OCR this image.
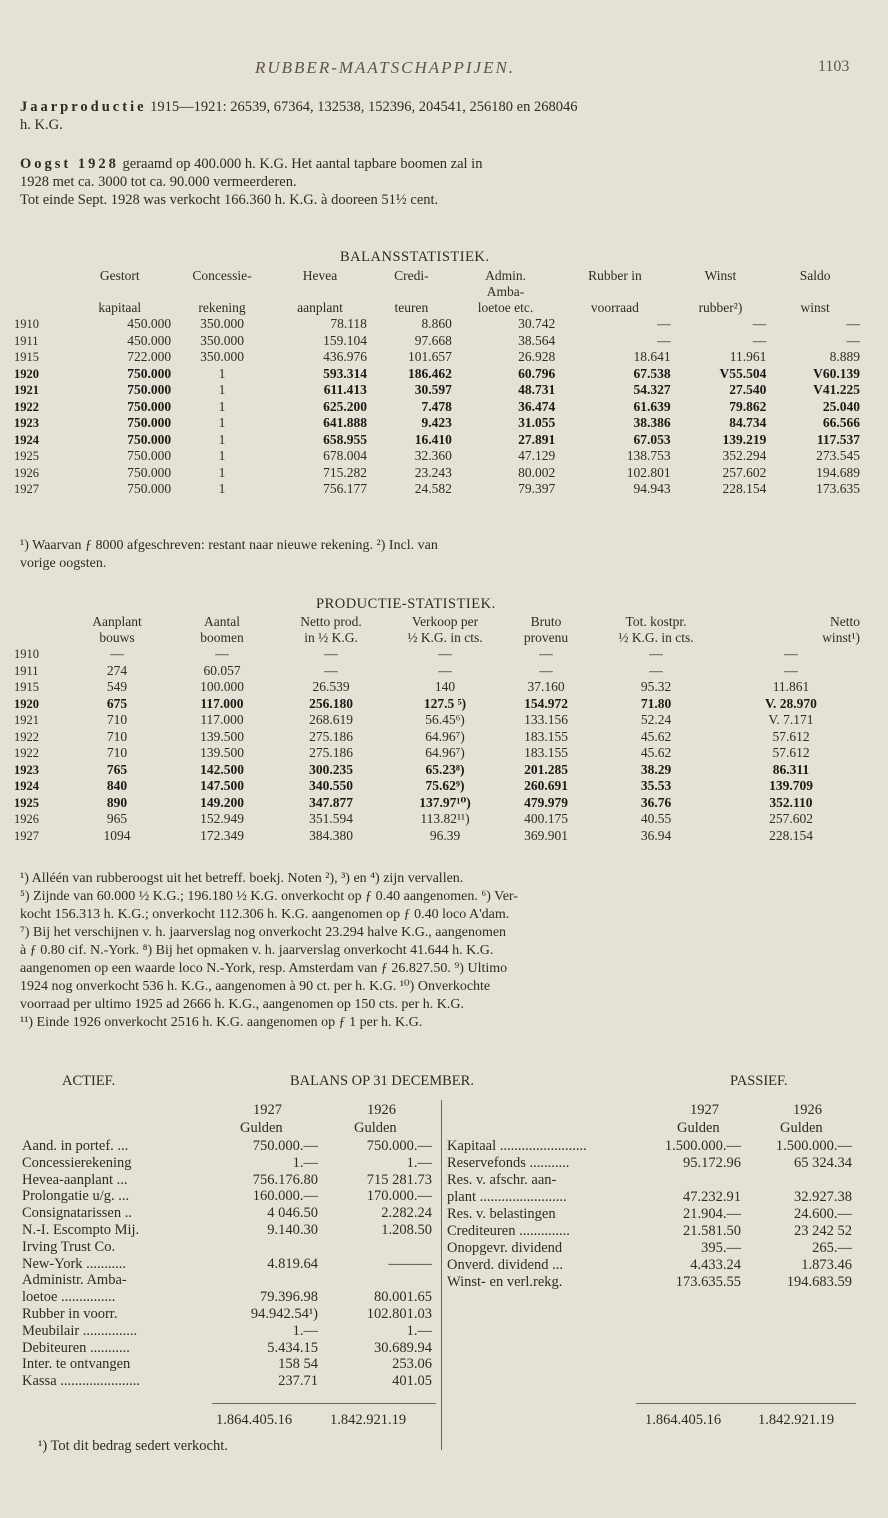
RUBBER-MAATSCHAPPIJEN.	1103
Jaarproductie 1915—1921: 26539, 67364, 132538, 152396, 204541, 256180 en 268046
h. K.G.
Oogst 1928 geraamd op 400.000 h. K.G. Het aantal tapbare boomen zal in
1928 met ca. 3000 tot ca. 90.000 vermeerderen.
Tot einde Sept. 1928 was verkocht 166.360 h. K.G. à dooreen 51½ cent.
BALANSSTATISTIEK.
	Gestort	Concessie-	Hevea	Credi-	Admin.	Rubber in	Winst	Saldo
					Amba-			
	kapitaal	rekening	aanplant	teuren	loetoe etc.	voorraad	rubber²)	winst
1910	450.000	350.000	78.118	8.860	30.742	—	—	—
1911	450.000	350.000	159.104	97.668	38.564	—	—	—
1915	722.000	350.000	436.976	101.657	26.928	18.641	11.961	8.889
1920	750.000	1	593.314	186.462	60.796	67.538	V55.504	V60.139
1921	750.000	1	611.413	30.597	48.731	54.327	27.540	V41.225
1922	750.000	1	625.200	7.478	36.474	61.639	79.862	25.040
1923	750.000	1	641.888	9.423	31.055	38.386	84.734	66.566
1924	750.000	1	658.955	16.410	27.891	67.053	139.219	117.537
1925	750.000	1	678.004	32.360	47.129	138.753	352.294	273.545
1926	750.000	1	715.282	23.243	80.002	102.801	257.602	194.689
1927	750.000	1	756.177	24.582	79.397	94.943	228.154	173.635
¹) Waarvan ƒ 8000 afgeschreven: restant naar nieuwe rekening. ²) Incl. van
vorige oogsten.
PRODUCTIE-STATISTIEK.
	Aanplant	Aantal	Netto prod.	Verkoop per	Bruto	Tot. kostpr.	Netto
	bouws	boomen	in ½ K.G.	½ K.G. in cts.	provenu	½ K.G. in cts.	winst¹)
1910	—	—	—	—	—	—	—
1911	274	60.057	—	—	—	—	—
1915	549	100.000	26.539	140	37.160	95.32	11.861
1920	675	117.000	256.180	127.5 ⁵)	154.972	71.80	V. 28.970
1921	710	117.000	268.619	56.45⁶)	133.156	52.24	V. 7.171
1922	710	139.500	275.186	64.96⁷)	183.155	45.62	57.612
1922	710	139.500	275.186	64.96⁷)	183.155	45.62	57.612
1923	765	142.500	300.235	65.23⁸)	201.285	38.29	86.311
1924	840	147.500	340.550	75.62⁹)	260.691	35.53	139.709
1925	890	149.200	347.877	137.97¹⁰)	479.979	36.76	352.110
1926	965	152.949	351.594	113.82¹¹)	400.175	40.55	257.602
1927	1094	172.349	384.380	96.39	369.901	36.94	228.154
¹) Alléén van rubberoogst uit het betreff. boekj. Noten ²), ³) en ⁴) zijn vervallen.
⁵) Zijnde van 60.000 ½ K.G.; 196.180 ½ K.G. onverkocht op ƒ 0.40 aangenomen. ⁶) Ver-
kocht 156.313 h. K.G.; onverkocht 112.306 h. K.G. aangenomen op ƒ 0.40 loco A'dam.
⁷) Bij het verschijnen v. h. jaarverslag nog onverkocht 23.294 halve K.G., aangenomen
à ƒ 0.80 cif. N.-York. ⁸) Bij het opmaken v. h. jaarverslag onverkocht 41.644 h. K.G.
aangenomen op een waarde loco N.-York, resp. Amsterdam van ƒ 26.827.50. ⁹) Ultimo
1924 nog onverkocht 536 h. K.G., aangenomen à 90 ct. per h. K.G. ¹⁰) Onverkochte
voorraad per ultimo 1925 ad 2666 h. K.G., aangenomen op 150 cts. per h. K.G.
¹¹) Einde 1926 onverkocht 2516 h. K.G. aangenomen op ƒ 1 per h. K.G.
ACTIEF.	BALANS OP 31 DECEMBER.	PASSIEF.
1927	1926
Gulden	Gulden
1927	1926
Gulden	Gulden
Aand. in portef. ...	750.000.—	750.000.—
Concessierekening	1.—	1.—
Hevea-aanplant ...	756.176.80	715 281.73
Prolongatie u/g. ...	160.000.—	170.000.—
Consignatarissen ..	4 046.50	2.282.24
N.-I. Escompto Mij.	9.140.30	1.208.50
Irving Trust Co.
New-York ...........	4.819.64	———
Administr. Amba-
loetoe ...............	79.396.98	80.001.65
Rubber in voorr.	94.942.54¹)	102.801.03
Meubilair ...............	1.—	1.—
Debiteuren ...........	5.434.15	30.689.94
Inter. te ontvangen	158 54	253.06
Kassa ......................	237.71	401.05
Kapitaal ........................	1.500.000.— 1.500.000.—
Reservefonds ...........	95.172.96	65 324.34
Res. v. afschr. aan-
plant ........................	47.232.91	32.927.38
Res. v. belastingen	21.904.—	24.600.—
Crediteuren ..............	21.581.50	23 242 52
Onopgevr. dividend	395.—	265.—
Onverd. dividend ...	4.433.24	1.873.46
Winst- en verl.rekg.	173.635.55	194.683.59
1.864.405.16	1.842.921.19	1.864.405.16	1.842.921.19
¹) Tot dit bedrag sedert verkocht.
